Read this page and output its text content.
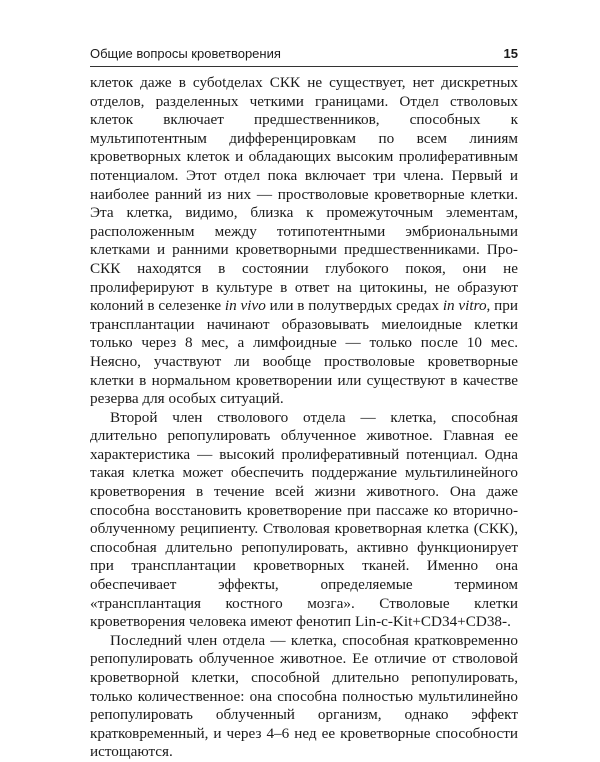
Общие вопросы кроветворения	15

клеток даже в субotделах СКК не существует, нет дискретных отделов, разделенных четкими границами. Отдел стволовых клеток включает предшественников, способных к мультипотентным дифференцировкам по всем линиям кроветворных клеток и обладающих высоким пролиферативным потенциалом. Этот отдел пока включает три члена. Первый и наиболее ранний из них — простволовые кроветворные клетки. Эта клетка, видимо, близка к промежуточным элементам, расположенным между тотипотентными эмбриональными клетками и ранними кроветворными предшественниками. Про-СКК находятся в состоянии глубокого покоя, они не пролиферируют в культуре в ответ на цитокины, не образуют колоний в селезенке in vivo или в полутвердых средах in vitro, при трансплантации начинают образовывать миелоидные клетки только через 8 мес, а лимфоидные — только после 10 мес. Неясно, участвуют ли вообще простволовые кроветворные клетки в нормальном кроветворении или существуют в качестве резерва для особых ситуаций.

Второй член стволового отдела — клетка, способная длительно репопулировать облученное животное. Главная ее характеристика — высокий пролиферативный потенциал. Одна такая клетка может обеспечить поддержание мультилинейного кроветворения в течение всей жизни животного. Она даже способна восстановить кроветворение при пассаже ко вторично-облученному реципиенту. Стволовая кроветворная клетка (СКК), способная длительно репопулировать, активно функционирует при трансплантации кроветворных тканей. Именно она обеспечивает эффекты, определяемые термином «трансплантация костного мозга». Стволовые клетки кроветворения человека имеют фенотип Lin-c-Kit+CD34+CD38-.

Последний член отдела — клетка, способная кратковременно репопулировать облученное животное. Ее отличие от стволовой кроветворной клетки, способной длительно репопулировать, только количественное: она способна полностью мультилинейно репопулировать облученный организм, однако эффект кратковременный, и через 4–6 нед ее кроветворные способности истощаются.
